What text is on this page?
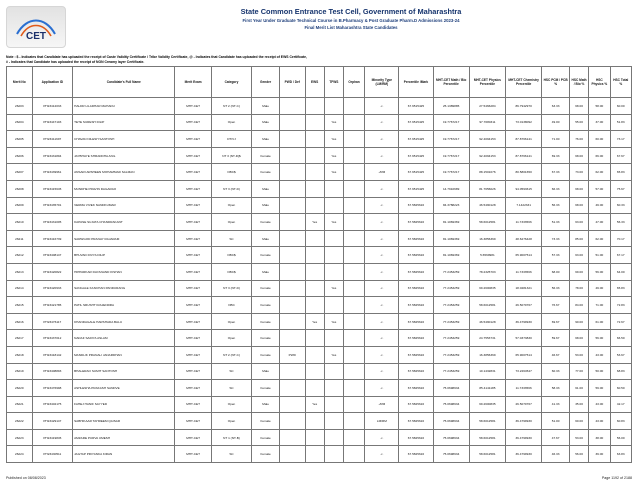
CET
State Common Entrance Test Cell, Government of Maharashtra
First Year Under Graduate Technical Course in B.Pharmacy & Post Graduate Pharm.D Admissions 2023-24
Final Merit List Maharashtra State Candidates
Note : $ - Indicates that Candidate has uploaded the receipt of Caste Validity Certificate / Tribe Validity Certificate, @ - Indicates that Candidate has uploaded the receipt of EWS Certificate,
# - Indicates that Candidate has uploaded the receipt of NON Creamy layer Certificate.
Merit No	Application ID	Candidate's Full Name	Merit Exam	Category	Gender	PWD / Def	EWS	TFWS	Orphan	Minority Type (LM/RM)	Percentile /Mark	MHT-CET Math / Bio Percentile	MHT-CET Physics Percentile	MHT-CET Chemistry Percentile	HSC PCM / PCB %	HSC Math / Bio %	HSC Physics %	HSC Total %
26203	PH23412033	HALDR LILADHAR MAHADU	MHT-CET	NT 2 (NT-C)	Male					-/-	67.6515425	25.1389885	27.5466284	86.7942970	63.33	68.00	58.00	60.00
26204	PH23447103	TETE SURESH DILIP	MHT-CET	Open	Male			Yes		-/-	67.6515425	19.7767217	97.7080311	73.0138092	49.00	55.00	37.00	51.83
26205	PH23411697	CHAVAN NILESH SANTOSH	MHT-CET	DT/VJ	Male			Yes		-/-	67.6515425	19.7767217	92.4094153	87.8766141	71.00	76.00	60.00	73.17
26206	PH23431894	JAYBHAYE SHRADDHA ANIL	MHT-CET	NT 3 (NT-D)$	Female			Yes		-/-	67.6515425	19.7767217	92.4094153	87.8766141	69.33	68.00	66.00	67.67
26207	PH23439961	ANSARI ARSHEEN MOHAMMAD SALMAN	MHT-CET	OBC$	Female			Yes		-/RM	67.6515425	19.7767217	88.1501076	80.5801650	67.33	73.00	62.00	65.83
26208	PH23415645	MUNDHE PRAVIN DAGARAO	MHT-CET	NT 3 (NT-D)	Male					-/-	67.6515425	14.7910689	81.7656026	94.0593615	66.33	68.00	57.00	75.67
26209	PH23435701	VERMA VIVEK NANDKUMAR	MHT-CET	Open	Male					-/-	67.5825616	84.3788223	46.5490128	7.1422331	56.33	68.00	49.00	60.33
26210	PH23431005	KAPASE SUJATA CHANDRAKANT	MHT-CET	Open	Female		Yes	Yes		-/-	67.5825616	81.1069369	58.6012581	11.7333566	51.33	63.00	47.00	56.33
26211	PH23416739	SARWGOD PRANAY RAJARAM	MHT-CET	SC	Male					-/-	67.5825616	81.1069369	16.3856369	48.6276428	73.33	85.00	62.00	70.17
26212	PH23408147	BHUVAD DIVYA DILIP	MHT-CET	OBC$	Female					-/-	67.5825616	81.1069369	5.6569981	65.9007514	57.33	63.00	51.00	67.17
26213	PH23420822	HIPPARKAR DAYANAND KISHAN	MHT-CET	OBC$	Male					-/-	67.5825616	77.2453259	78.2325703	11.7333566	68.00	69.00	56.00	64.00
26214	PH23420933	SANGALE KANCHAN PANDURANG	MHT-CET	NT 3 (NT-D)	Female			Yes		-/-	67.5825616	77.2453259	69.2600835	18.0281321	56.33	78.00	49.00	65.83
26215	PH23421785	PATIL SRUSHTI RAJENDRA	MHT-CET	OBC	Female					-/-	67.5825616	77.2453259	58.6012581	26.5070767	76.67	84.00	71.00	72.83
26216	PH23476117	KHANDAGALE HARSHADA BALU	MHT-CET	Open	Female		Yes	Yes		-/-	67.5825616	77.2453259	46.5490128	36.4799930	69.67	90.00	61.00	72.67
26217	PH23437012	NADAF SADIYA ASLAM	MHT-CET	Open	Female					-/-	67.5825616	77.2453259	24.7553731	57.0373830	59.67	68.00	56.00	66.50
26218	PH23418142	MANDLIK PRANALI JANARDHAN	MHT-CET	NT 2 (NT-C)	Female	PWD		Yes		-/-	67.5825616	77.2453259	16.3856369	65.9007514	46.67	53.00	43.00	53.67
26219	PH23408893	BHALERAO SUMIT SANTOSH	MHT-CET	SC	Male					-/-	67.5825616	77.2453259	10.1432831	73.2264547	60.33	77.00	50.00	68.83
26220	PH23476998	ASHLESHA PRAKASH SANDVE	MHT-CET	SC	Female					-/-	67.5825616	75.0698934	85.4141185	11.7333566	58.33	61.00	59.00	60.50
26221	PH23402175	FAHEJ HANIF SAYYED	MHT-CET	Open	Male		Yes			-/RM	67.5825616	75.0698934	69.2600835	26.5070767	41.33	35.00	43.00	42.17
26222	PH23429147	SABHIKAAR TAHREEM QAISAR	MHT-CET	Open	Female					LM/RM	67.5825616	75.0698934	58.6012581	36.4799930	51.00	60.00	43.00	60.83
26223	PH23419845	AMZARE PURVA UMESH	MHT-CET	NT 1 (NT-B)	Female					-/-	67.5825616	75.0698934	58.6012581	36.4799930	47.67	53.00	38.00	56.00
26224	PH23430511	JAGTAP PRIYANKA KIRAN	MHT-CET	SC	Female					-/-	67.5825616	75.0698934	58.6012581	36.4799930	46.33	56.00	39.00	63.83
Published on 08/08/2023	Page 1192 of 2188
